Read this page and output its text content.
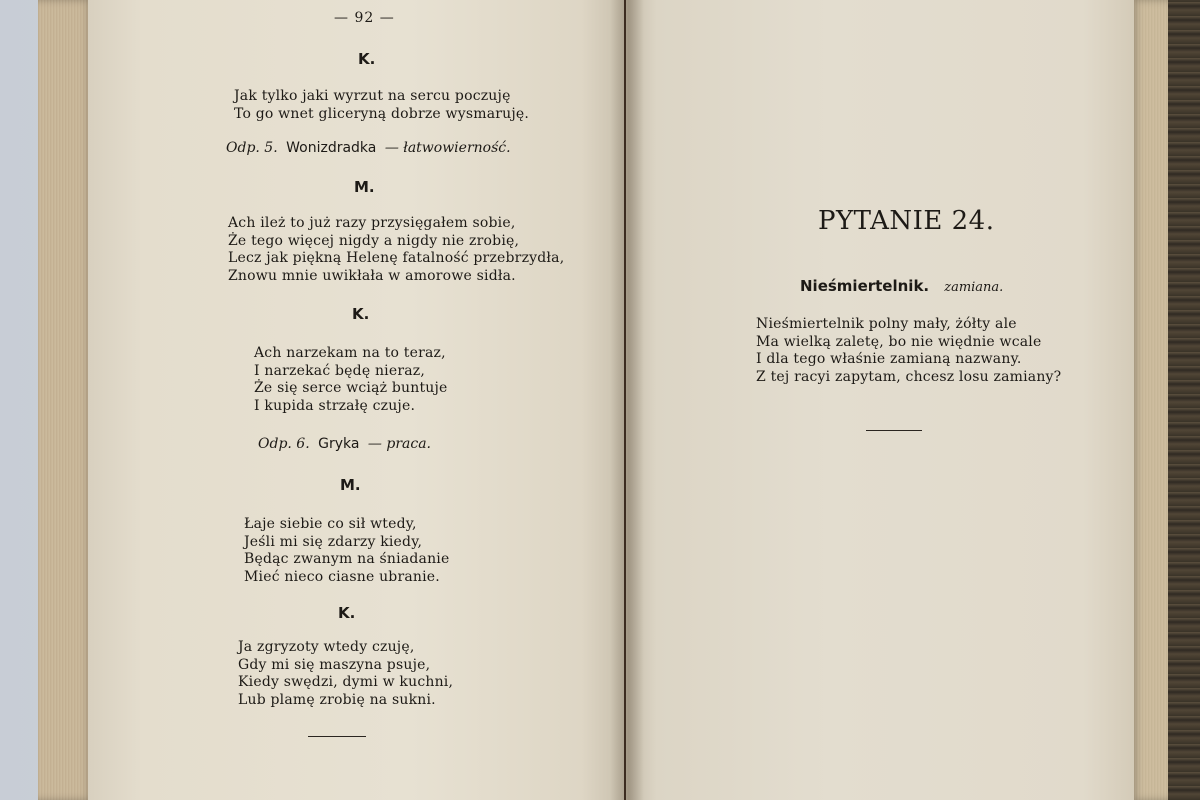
— 92 —
K.
Jak tylko jaki wyrzut na sercu poczuję
To go wnet gliceryną dobrze wysmaruję.
Odp. 5. Wonizdradka — łatwowierność.
M.
Ach ileż to już razy przysięgałem sobie,
Że tego więcej nigdy a nigdy nie zrobię,
Lecz jak piękną Helenę fatalność przebrzydła,
Znowu mnie uwikłała w amorowe sidła.
K.
Ach narzekam na to teraz,
I narzekać będę nieraz,
Że się serce wciąż buntuje
I kupida strzałę czuje.
Odp. 6. Gryka — praca.
M.
Łaje siebie co sił wtedy,
Jeśli mi się zdarzy kiedy,
Będąc zwanym na śniadanie
Mieć nieco ciasne ubranie.
K.
Ja zgryzoty wtedy czuję,
Gdy mi się maszyna psuje,
Kiedy swędzi, dymi w kuchni,
Lub plamę zrobię na sukni.
PYTANIE 24.
Nieśmiertelnik. zamiana.
Nieśmiertelnik polny mały, żółty ale
Ma wielką zaletę, bo nie więdnie wcale
I dla tego właśnie zamianą nazwany.
Z tej racyi zapytam, chcesz losu zamiany?
